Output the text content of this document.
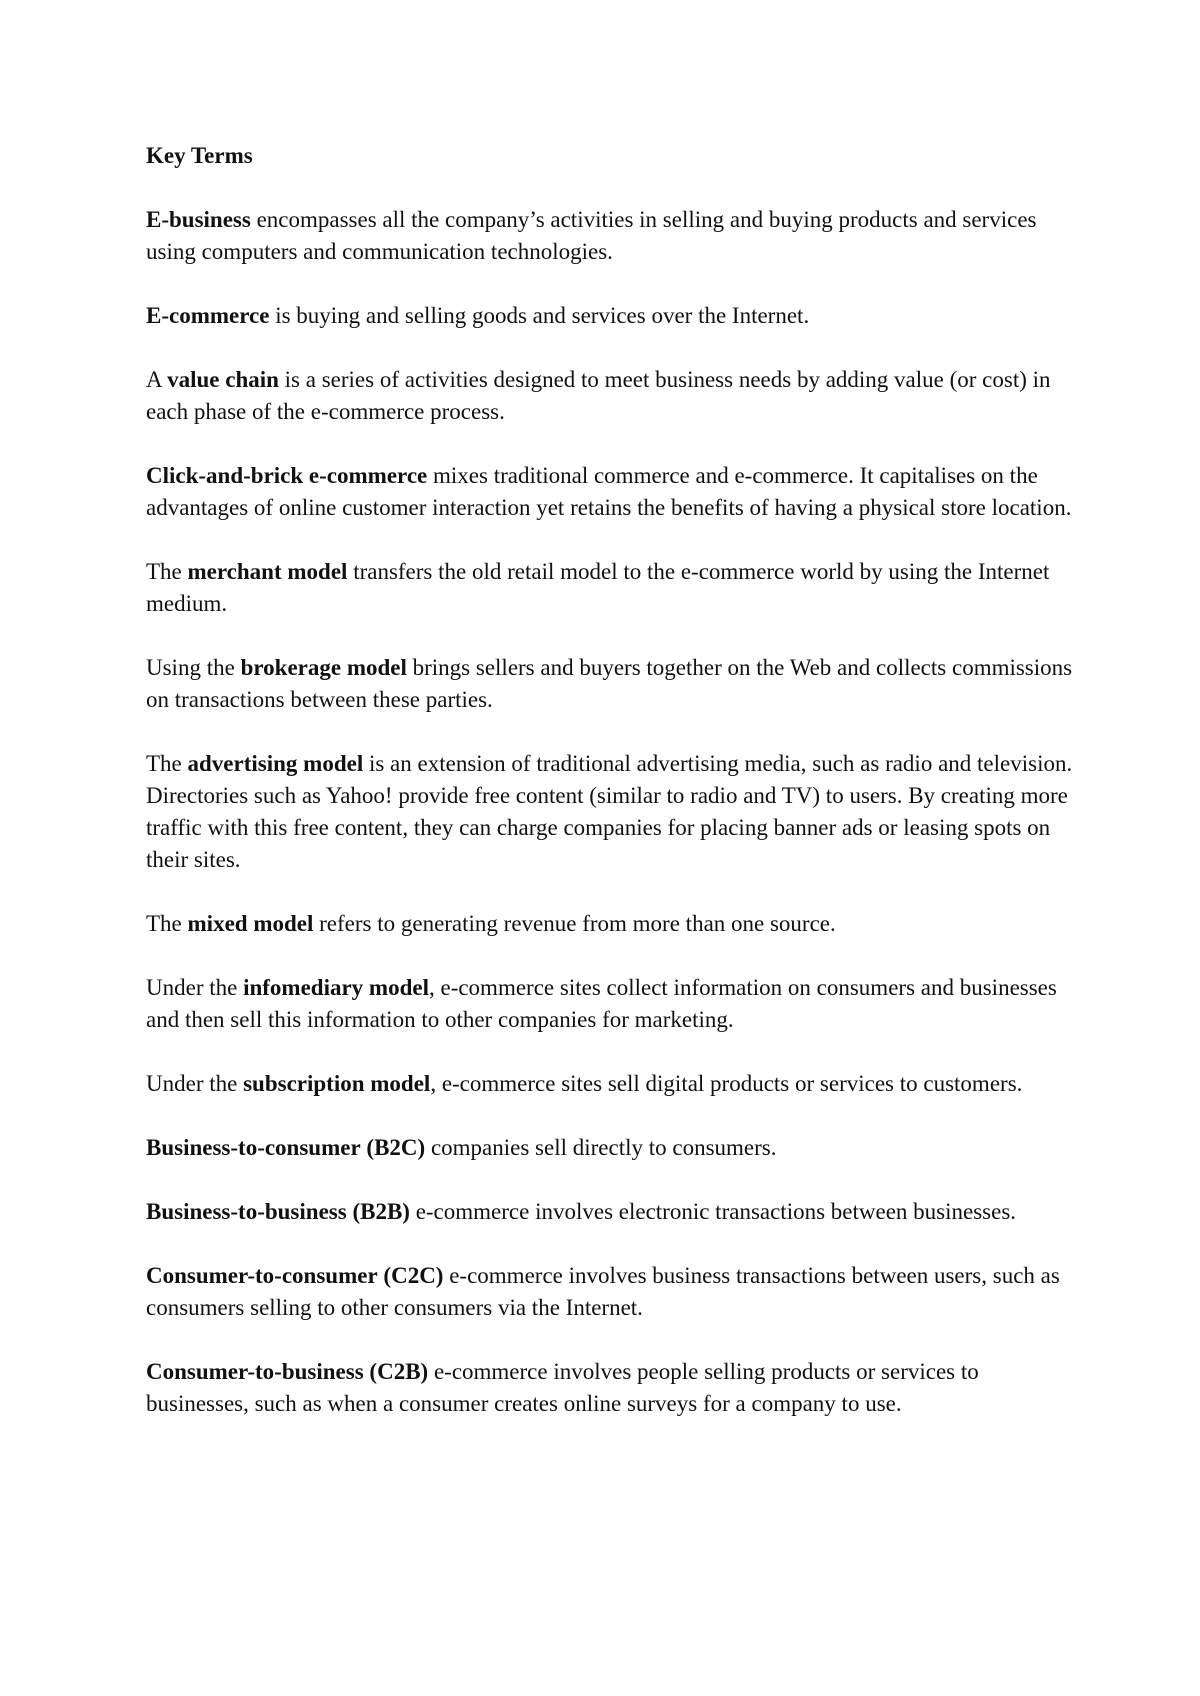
Key Terms

E-business encompasses all the company’s activities in selling and buying products and services using computers and communication technologies.

E-commerce is buying and selling goods and services over the Internet.

A value chain is a series of activities designed to meet business needs by adding value (or cost) in each phase of the e-commerce process.

Click-and-brick e-commerce mixes traditional commerce and e-commerce. It capitalises on the advantages of online customer interaction yet retains the benefits of having a physical store location.

The merchant model transfers the old retail model to the e-commerce world by using the Internet medium.

Using the brokerage model brings sellers and buyers together on the Web and collects commissions on transactions between these parties.

The advertising model is an extension of traditional advertising media, such as radio and television. Directories such as Yahoo! provide free content (similar to radio and TV) to users. By creating more traffic with this free content, they can charge companies for placing banner ads or leasing spots on their sites.

The mixed model refers to generating revenue from more than one source.

Under the infomediary model, e-commerce sites collect information on consumers and businesses and then sell this information to other companies for marketing.

Under the subscription model, e-commerce sites sell digital products or services to customers.

Business-to-consumer (B2C) companies sell directly to consumers.

Business-to-business (B2B) e-commerce involves electronic transactions between businesses.

Consumer-to-consumer (C2C) e-commerce involves business transactions between users, such as consumers selling to other consumers via the Internet.

Consumer-to-business (C2B) e-commerce involves people selling products or services to businesses, such as when a consumer creates online surveys for a company to use.
